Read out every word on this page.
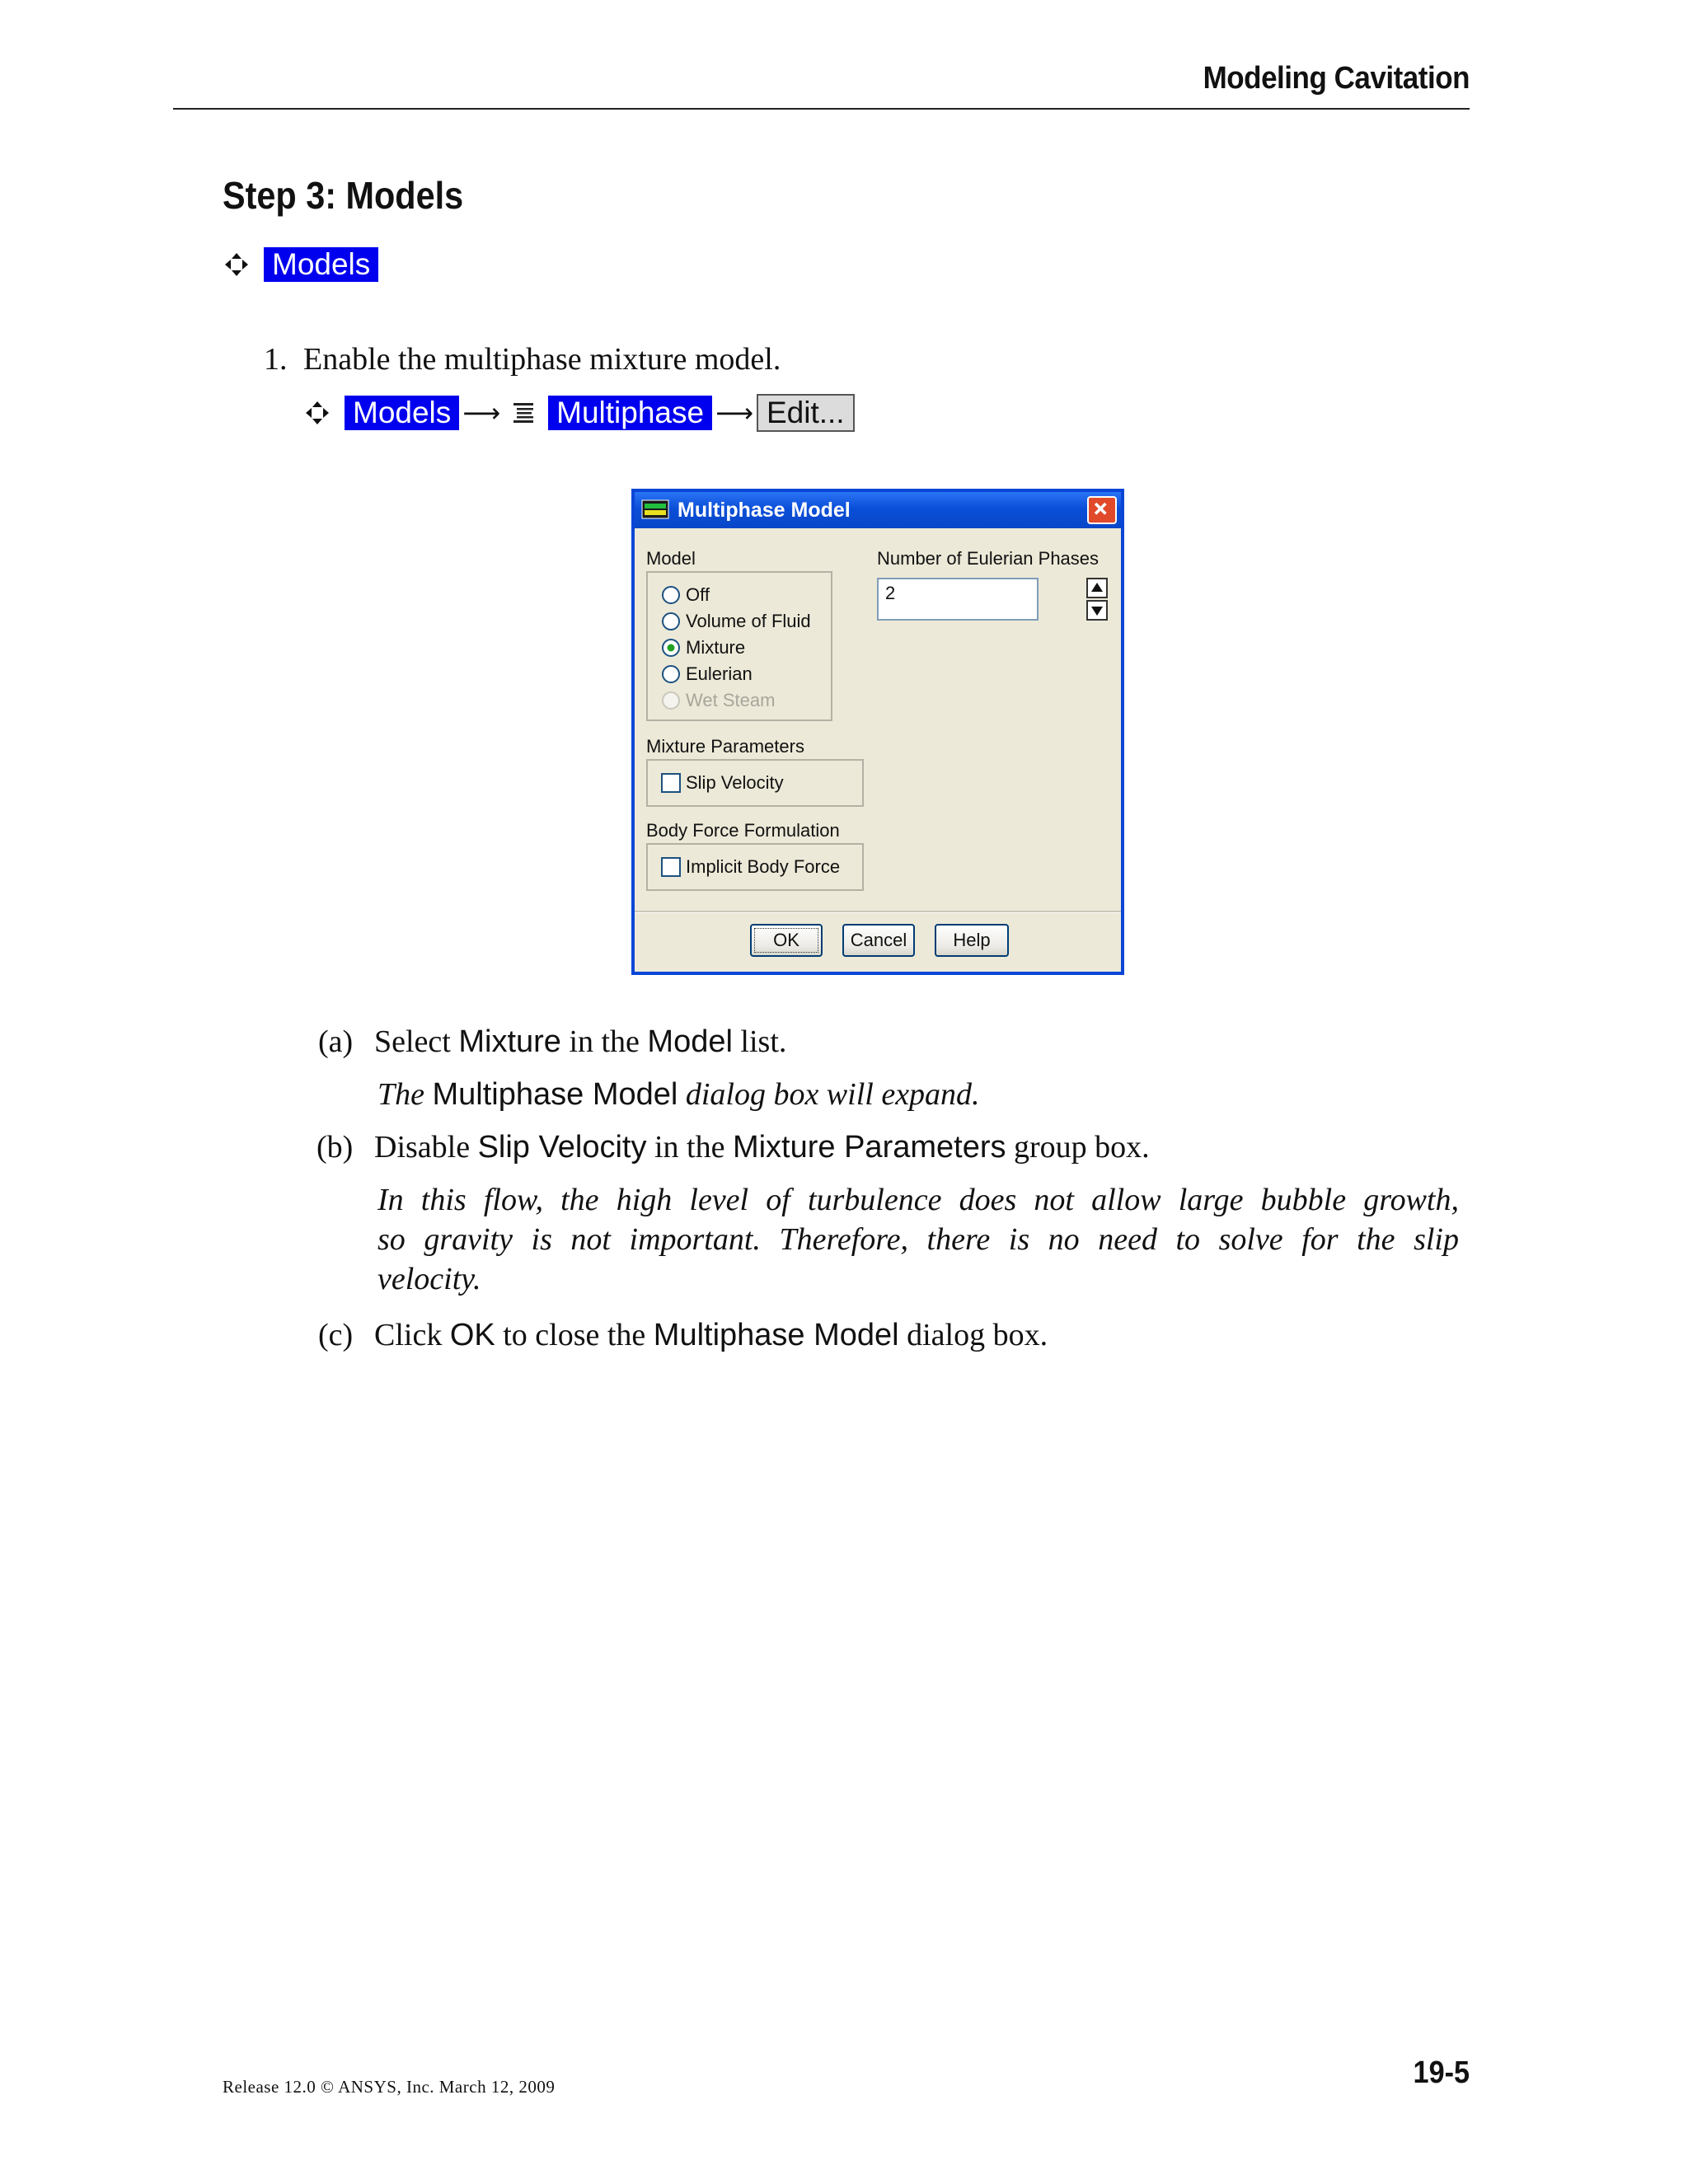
Modeling Cavitation
Step 3: Models
Models
1. Enable the multiphase mixture model.
Models ⟶ Multiphase ⟶ Edit...
Multiphase Model
Model
Off
Volume of Fluid
Mixture
Eulerian
Wet Steam
Number of Eulerian Phases
2
Mixture Parameters
Slip Velocity
Body Force Formulation
Implicit Body Force
OK	Cancel	Help
(a) Select Mixture in the Model list.
The Multiphase Model dialog box will expand.
(b) Disable Slip Velocity in the Mixture Parameters group box.
In this flow, the high level of turbulence does not allow large bubble growth,
so gravity is not important. Therefore, there is no need to solve for the slip
velocity.
(c) Click OK to close the Multiphase Model dialog box.
Release 12.0 © ANSYS, Inc. March 12, 2009	19-5
